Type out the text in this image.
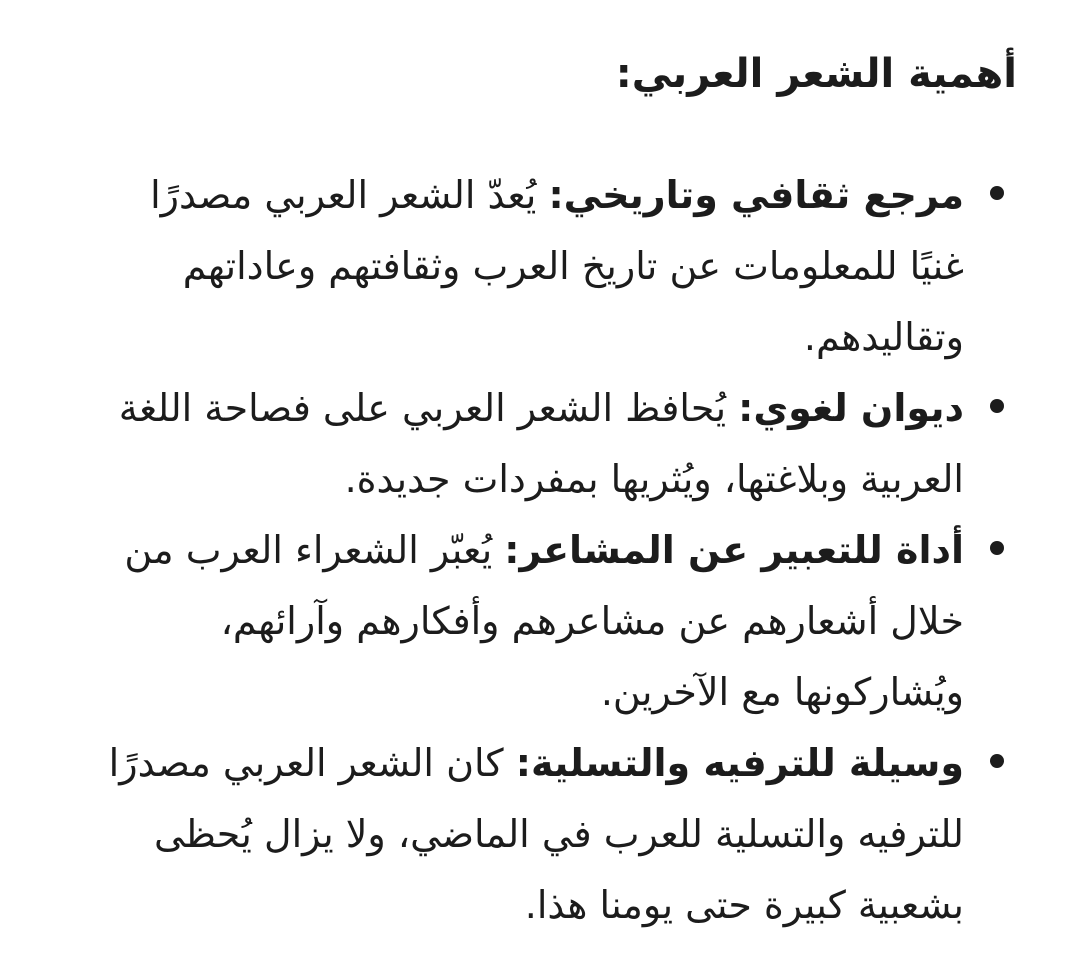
أهمية الشعر العربي:
مرجع ثقافي وتاريخي: يُعدّ الشعر العربي مصدرًا غنيًا للمعلومات عن تاريخ العرب وثقافتهم وعاداتهم وتقاليدهم.
ديوان لغوي: يُحافظ الشعر العربي على فصاحة اللغة العربية وبلاغتها، ويُثريها بمفردات جديدة.
أداة للتعبير عن المشاعر: يُعبّر الشعراء العرب من خلال أشعارهم عن مشاعرهم وأفكارهم وآرائهم، ويُشاركونها مع الآخرين.
وسيلة للترفيه والتسلية: كان الشعر العربي مصدرًا للترفيه والتسلية للعرب في الماضي، ولا يزال يُحظى بشعبية كبيرة حتى يومنا هذا.
